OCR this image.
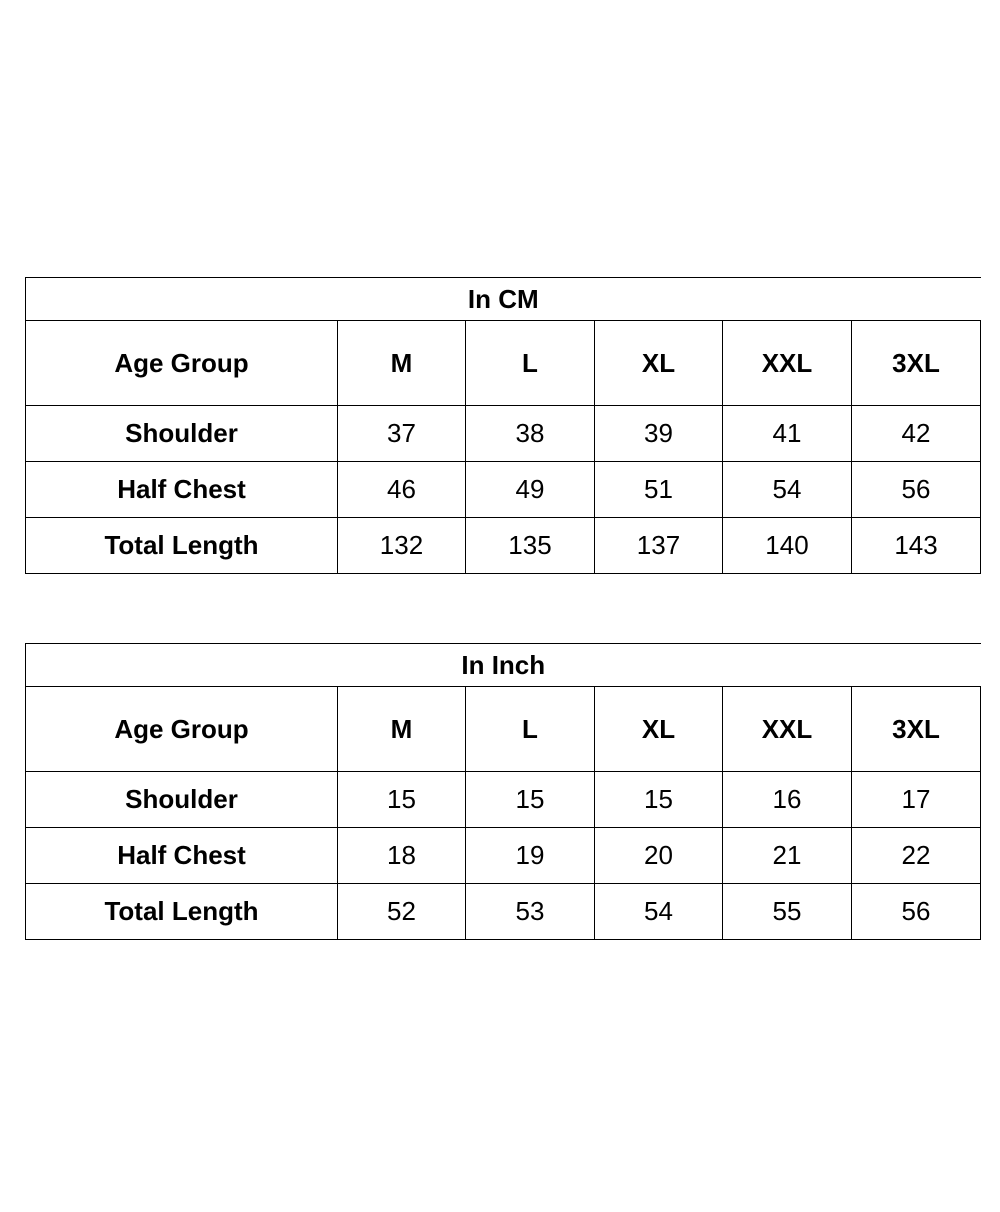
In CM					
Age Group	M	L	XL	XXL	3XL
Shoulder	37	38	39	41	42
Half Chest	46	49	51	54	56
Total Length	132	135	137	140	143
In Inch					
Age Group	M	L	XL	XXL	3XL
Shoulder	15	15	15	16	17
Half Chest	18	19	20	21	22
Total Length	52	53	54	55	56
